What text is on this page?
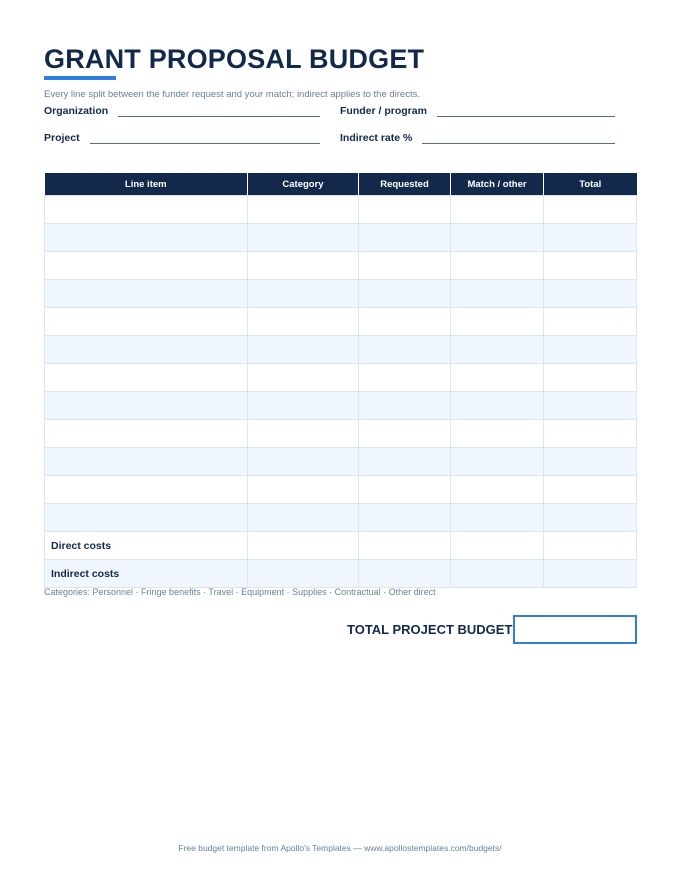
GRANT PROPOSAL BUDGET
Every line split between the funder request and your match; indirect applies to the directs.
Organization	Funder / program
Project	Indirect rate %
Line item	Category	Requested	Match / other	Total

Direct costs				
Indirect costs				
Categories: Personnel · Fringe benefits · Travel · Equipment · Supplies · Contractual · Other direct
TOTAL PROJECT BUDGET
Free budget template from Apollo's Templates — www.apollostemplates.com/budgets/
